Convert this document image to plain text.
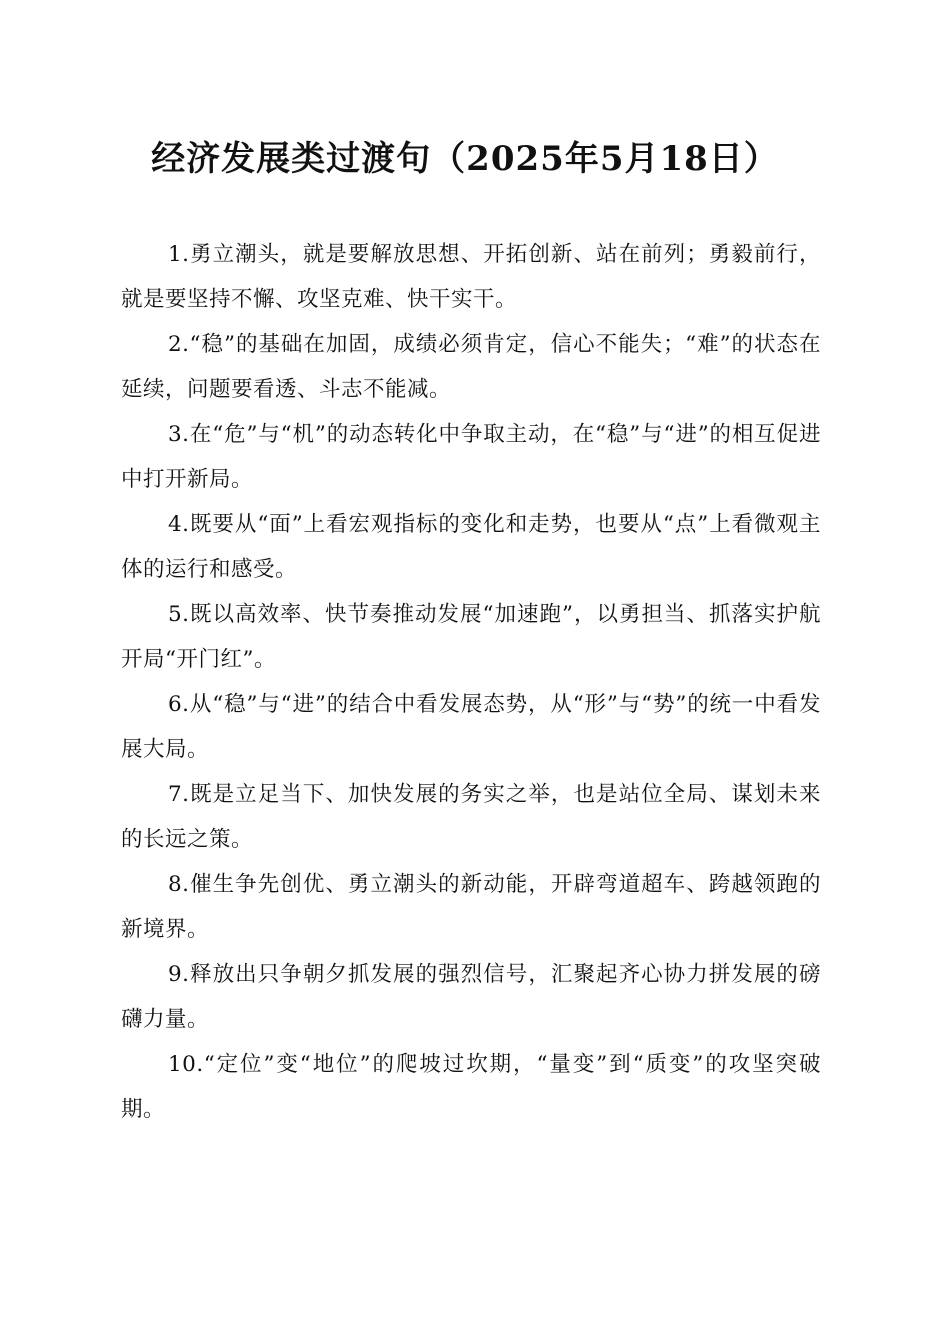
经济发展类过渡句（2025年5月18日）

1.勇立潮头，就是要解放思想、开拓创新、站在前列；勇毅前行，就是要坚持不懈、攻坚克难、快干实干。

2.“稳”的基础在加固，成绩必须肯定，信心不能失；“难”的状态在延续，问题要看透、斗志不能减。

3.在“危”与“机”的动态转化中争取主动，在“稳”与“进”的相互促进中打开新局。

4.既要从“面”上看宏观指标的变化和走势，也要从“点”上看微观主体的运行和感受。

5.既以高效率、快节奏推动发展“加速跑”，以勇担当、抓落实护航开局“开门红”。

6.从“稳”与“进”的结合中看发展态势，从“形”与“势”的统一中看发展大局。

7.既是立足当下、加快发展的务实之举，也是站位全局、谋划未来的长远之策。

8.催生争先创优、勇立潮头的新动能，开辟弯道超车、跨越领跑的新境界。

9.释放出只争朝夕抓发展的强烈信号，汇聚起齐心协力拼发展的磅礴力量。

10.“定位”变“地位”的爬坡过坎期，“量变”到“质变”的攻坚突破期。
